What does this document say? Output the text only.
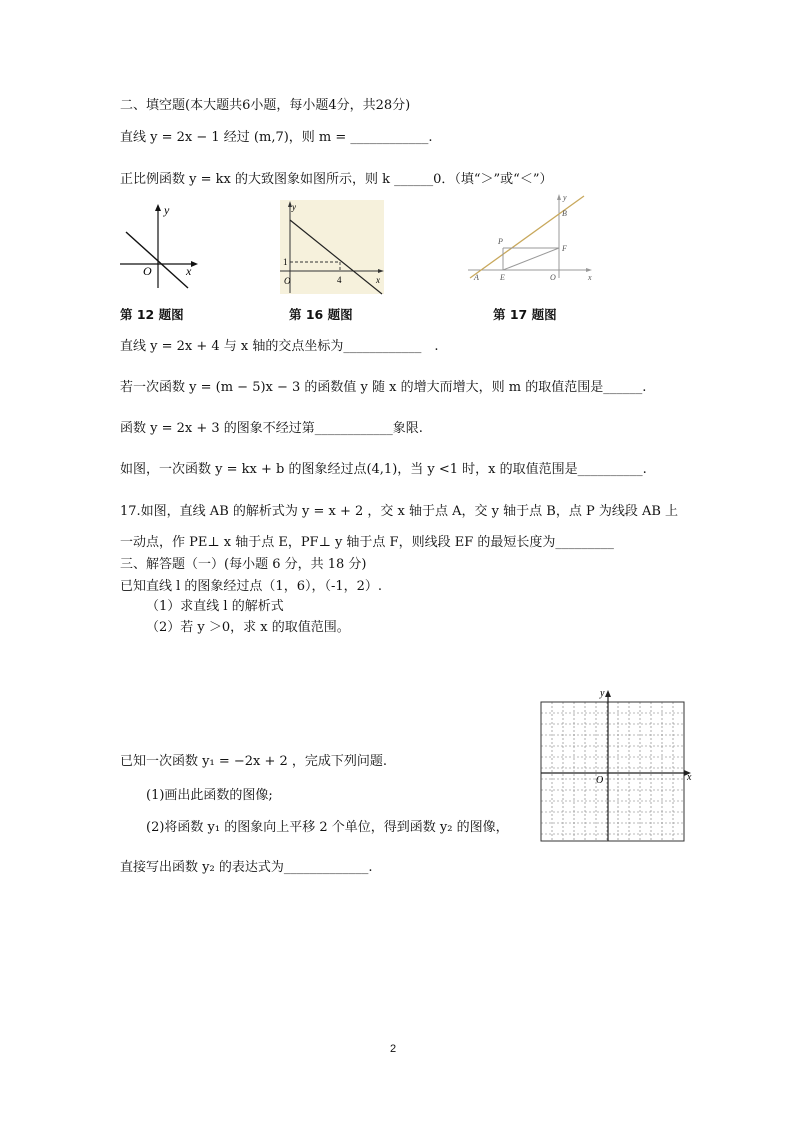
二、填空题(本大题共6小题，每小题4分，共28分)
直线 y = 2x − 1 经过 (m,7)，则 m = ____________.
正比例函数 y = kx 的大致图象如图所示，则 k ______0．（填“＞”或“＜”）
y
x
O
y
x
O
1
4
y
x
O
A
B
P
F
E
第 12 题图	第 16 题图	第 17 题图
直线 y = 2x + 4 与 x 轴的交点坐标为____________　.
若一次函数 y = (m − 5)x − 3 的函数值 y 随 x 的增大而增大，则 m 的取值范围是______.
函数 y = 2x + 3 的图象不经过第____________象限.
如图，一次函数 y = kx + b 的图象经过点(4,1)，当 y <1 时，x 的取值范围是__________.
17.如图，直线 AB 的解析式为 y = x + 2 ，交 x 轴于点 A，交 y 轴于点 B，点 P 为线段 AB 上
一动点，作 PE⊥ x 轴于点 E，PF⊥ y 轴于点 F，则线段 EF 的最短长度为_________
三、解答题（一）(每小题 6 分，共 18 分)
已知直线 l 的图象经过点（1，6），（-1，2）.
（1）求直线 l 的解析式
（2）若 y ＞0，求 x 的取值范围。
已知一次函数 y₁ = −2x + 2 ，完成下列问题.
(1)画出此函数的图像;
(2)将函数 y₁ 的图象向上平移 2 个单位，得到函数 y₂ 的图像，
直接写出函数 y₂ 的表达式为_____________.
y
x
O
2
